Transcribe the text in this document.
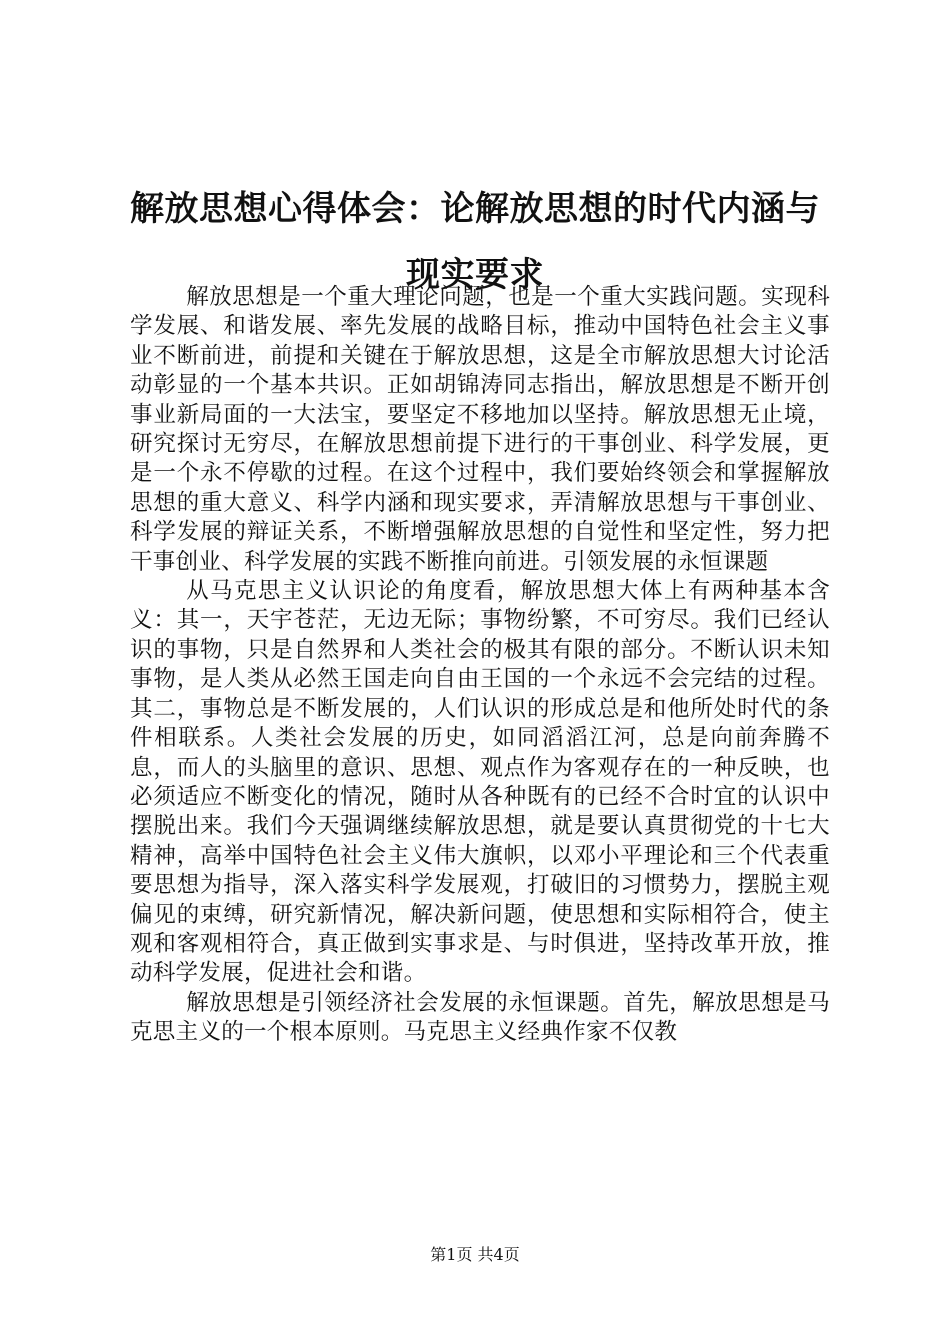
解放思想心得体会：论解放思想的时代内涵与
现实要求

解放思想是一个重大理论问题，也是一个重大实践问题。实现科学发展、和谐发展、率先发展的战略目标，推动中国特色社会主义事业不断前进，前提和关键在于解放思想，这是全市解放思想大讨论活动彰显的一个基本共识。正如胡锦涛同志指出，解放思想是不断开创事业新局面的一大法宝，要坚定不移地加以坚持。解放思想无止境，研究探讨无穷尽，在解放思想前提下进行的干事创业、科学发展，更是一个永不停歇的过程。在这个过程中，我们要始终领会和掌握解放思想的重大意义、科学内涵和现实要求，弄清解放思想与干事创业、科学发展的辩证关系，不断增强解放思想的自觉性和坚定性，努力把干事创业、科学发展的实践不断推向前进。引领发展的永恒课题

从马克思主义认识论的角度看，解放思想大体上有两种基本含义：其一，天宇苍茫，无边无际；事物纷繁，不可穷尽。我们已经认识的事物，只是自然界和人类社会的极其有限的部分。不断认识未知事物，是人类从必然王国走向自由王国的一个永远不会完结的过程。其二，事物总是不断发展的，人们认识的形成总是和他所处时代的条件相联系。人类社会发展的历史，如同滔滔江河，总是向前奔腾不息，而人的头脑里的意识、思想、观点作为客观存在的一种反映，也必须适应不断变化的情况，随时从各种既有的已经不合时宜的认识中摆脱出来。我们今天强调继续解放思想，就是要认真贯彻党的十七大精神，高举中国特色社会主义伟大旗帜，以邓小平理论和三个代表重要思想为指导，深入落实科学发展观，打破旧的习惯势力，摆脱主观偏见的束缚，研究新情况，解决新问题，使思想和实际相符合，使主观和客观相符合，真正做到实事求是、与时俱进，坚持改革开放，推动科学发展，促进社会和谐。

解放思想是引领经济社会发展的永恒课题。首先，解放思想是马克思主义的一个根本原则。马克思主义经典作家不仅教

第1页 共4页
